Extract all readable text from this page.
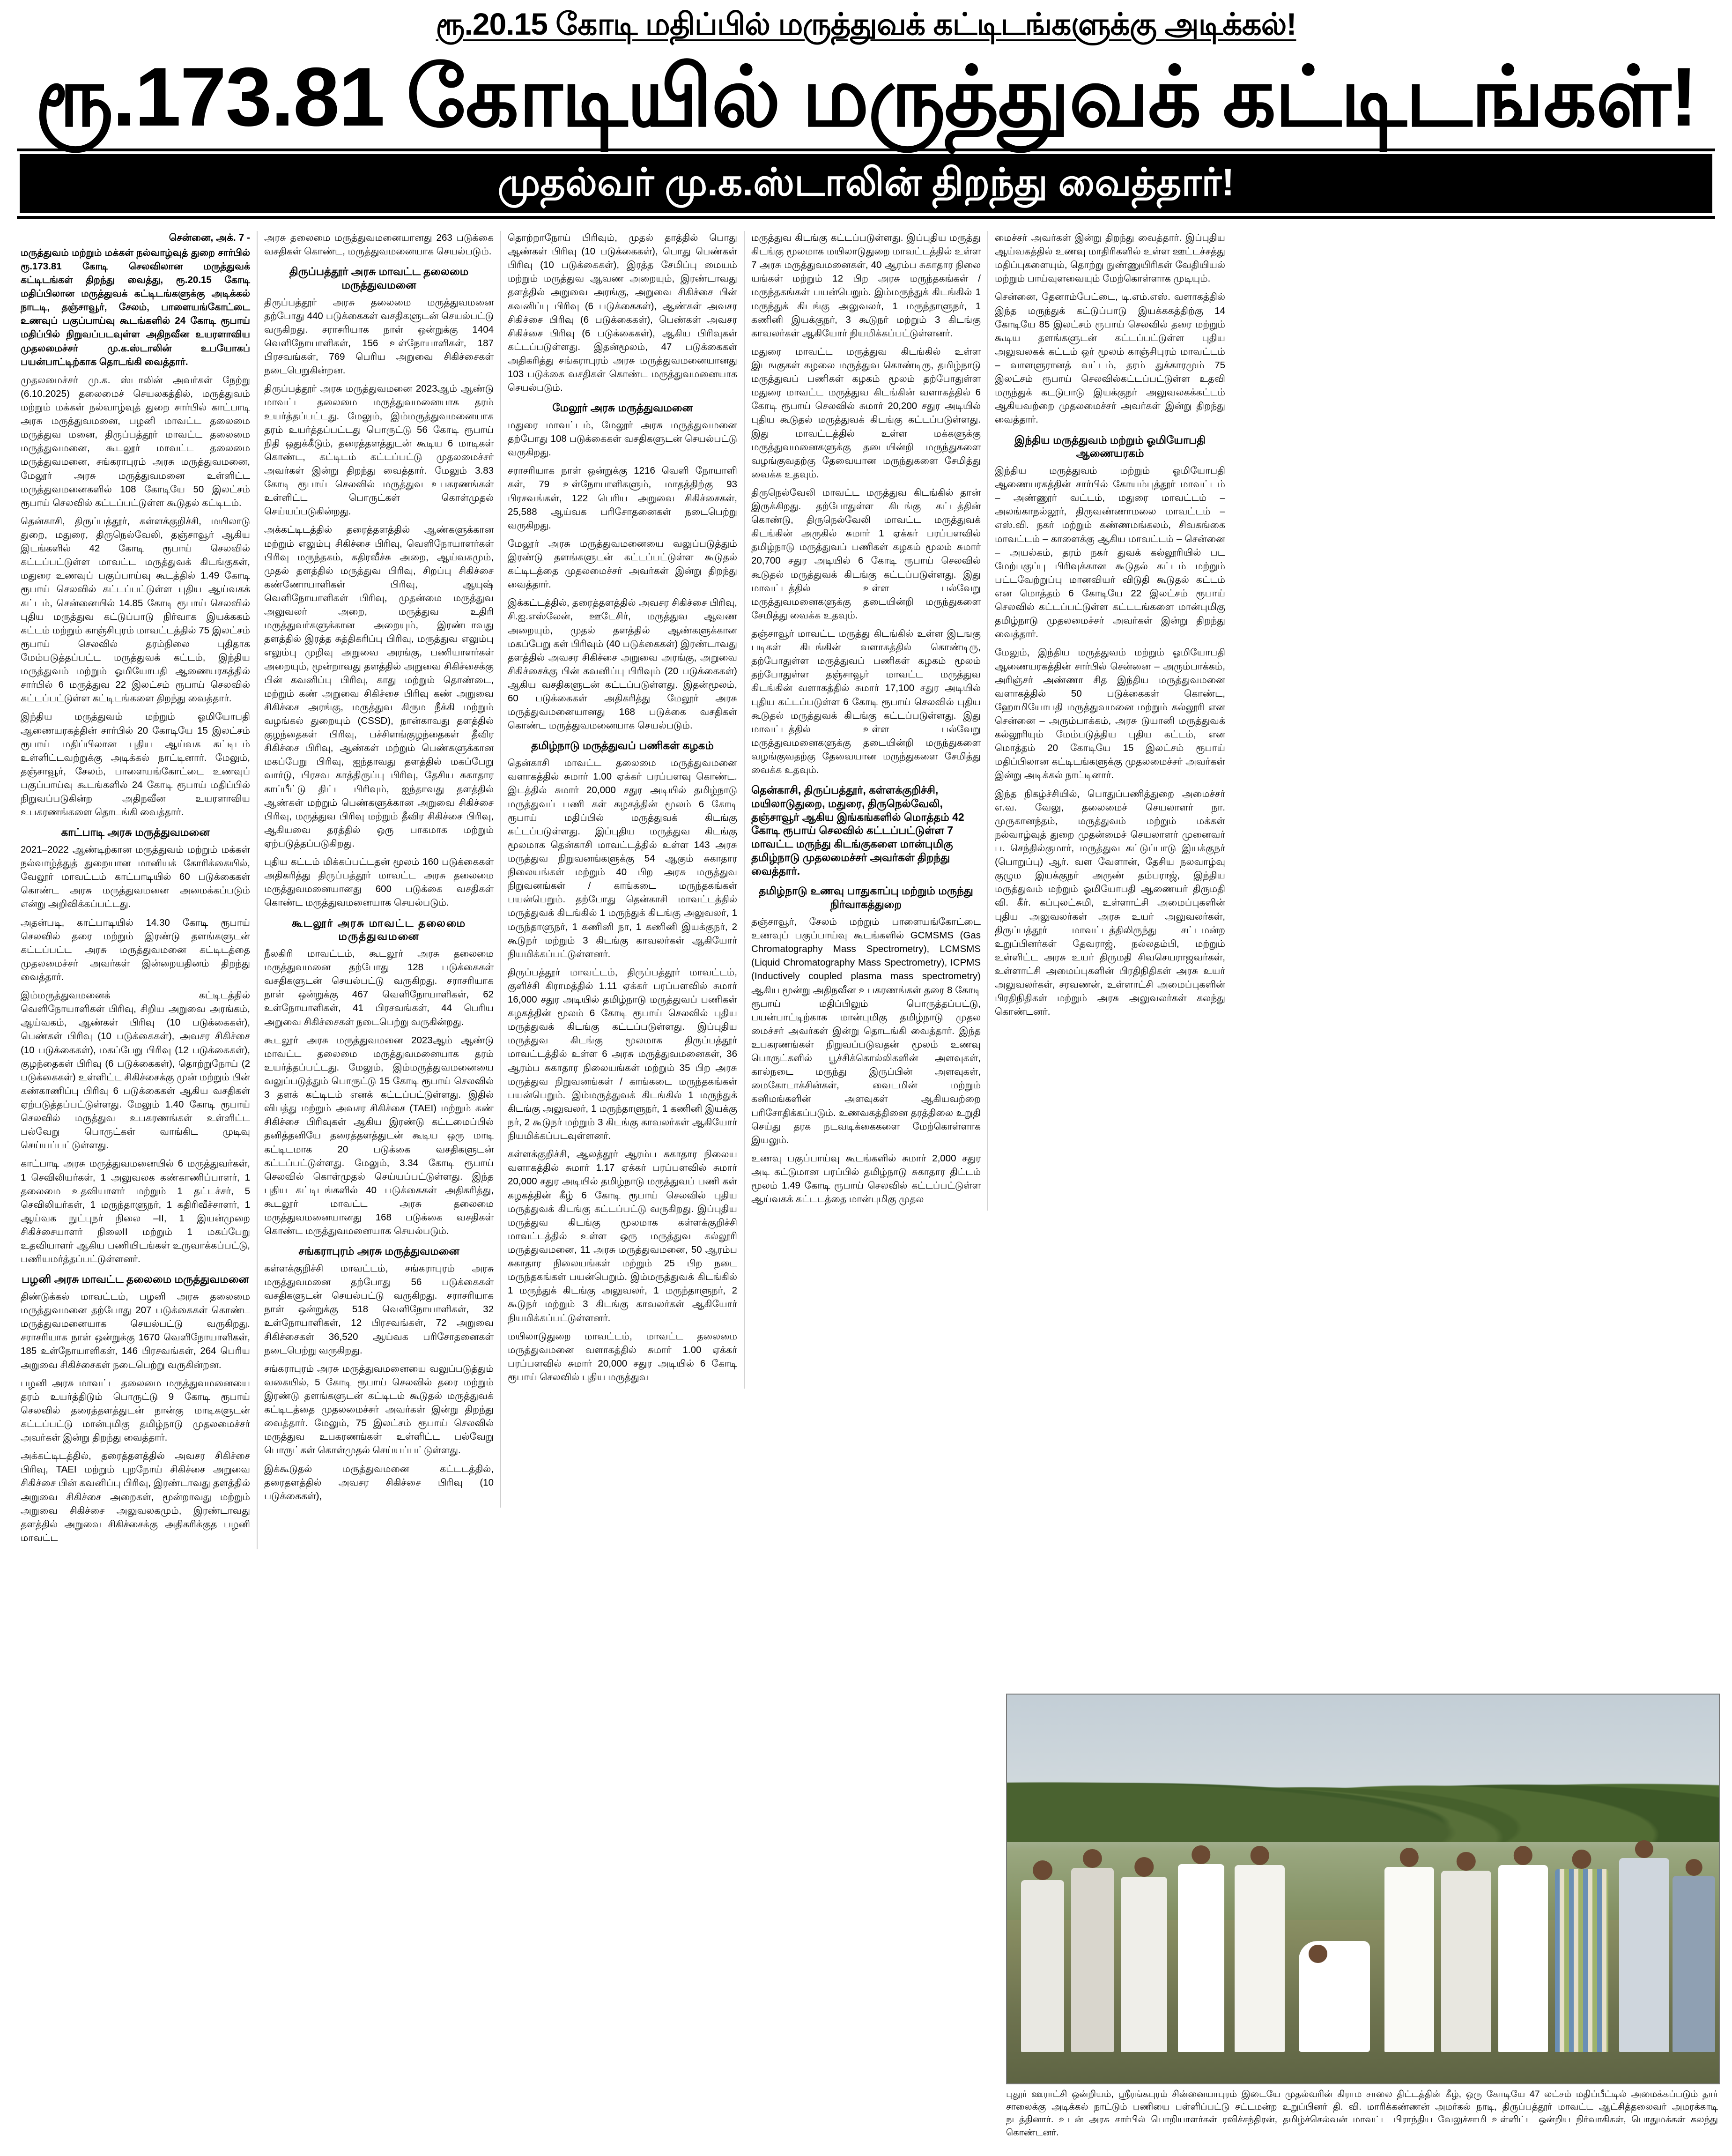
ரூ.20.15 கோடி மதிப்பில் மருத்துவக் கட்டிடங்களுக்கு அடிக்கல்!
ரூ.173.81 கோடியில் மருத்துவக் கட்டிடங்கள்!
முதல்வர் மு.க.ஸ்டாலின் திறந்து வைத்தார்!
சென்னை, அக். 7 -

மருத்துவம் மற்றும் மக்கள் நல்வாழ்வுத் துறை சார்பில் ரூ.173.81 கோடி செலவிலான மருத்துவக் கட்டிடங்கள் திறந்து வைத்து, ரூ.20.15 கோடி மதிப்பிலான மருத்துவக் கட்டிடங்களுக்கு அடிக்கல் நாடடி, தஞ்சாவூர், சேலம், பாளையங்கோட்டை உணவுப் பகுப்பாய்வு கூடங்களில் 24 கோடி ரூபாய் மதிப்பில் நிறுவப்படவுள்ள அதிநவீன உயரளாவிய முதலமைச்சர் மு.க.ஸ்டாலின் உபயோகப் பயன்பாட்டிற்காக தொடங்கி வைத்தார்.

முதலமைச்சர் மு.க. ஸ்டாலின் அவர்கள் நேற்று (6.10.2025) தலைமைச் செயலகத்தில், மருத்துவம் மற்றும் மக்கள் நல்வாழ்வுத் துறை சார்பில் காட்பாடி அரசு மருத்துவமனை, பழனி மாவட்ட தலைமை மருத்துவ மனை, திருப்பத்தூர் மாவட்ட தலைமை மருத்துவமனை, கூடலூர் மாவட்ட தலைமை மருத்துவமனை, சங்கராபுரம் அரசு மருத்துவமனை, மேலூர் அரசு மருத்துவமனை உள்ளிட்ட மருத்துவமனைகளில் 108 கோடியே 50 இலட்சம் ரூபாய் செலவில் கட்டப்பட்டுள்ள கூடுதல் கட்டிடம்.

தென்காசி, திருப்பத்தூர், கள்ளக்குறிச்சி, மயிலாடு துறை, மதுரை, திருநெல்வேலி, தஞ்சாவூர் ஆகிய இடங்களில் 42 கோடி ரூபாய் செலவில் கட்டப்பட்டுள்ள மாவட்ட மருத்துவக் கிடங்குகள், மதுரை உணவுப் பகுப்பாய்வு கூடத்தில் 1.49 கோடி ரூபாய் செலவில் கட்டப்பட்டுள்ள புதிய ஆய்வகக் கட்டம், சென்னையில் 14.85 கோடி ரூபாய் செலவில் புதிய மருத்துவ கட்டுப்பாடு நிர்வாக இயக்ககம் கட்டம் மற்றும் காஞ்சிபுரம் மாவட்டத்தில் 75 இலட்சம் ரூபாய் செலவில் தரம்நிலை புதிதாக மேம்படுத்தப்பட்ட மருத்துவக் கட்டம், இந்திய மருத்துவம் மற்றும் ஓமியோபதி ஆணையரகத்தில் சார்பில் 6 மருத்துவ 22 இலட்சம் ரூபாய் செலவில் கட்டப்பட்டுள்ள கட்டிடங்களை திறந்து வைத்தார்.

இந்திய மருத்துவம் மற்றும் ஓமியோபதி ஆணையரகத்தின் சார்பில் 20 கோடியே 15 இலட்சம் ரூபாய் மதிப்பிலான புதிய ஆய்வக கட்டிடம் உள்ளிட்டவற்றுக்கு அடிக்கல் நாட்டினார். மேலும், தஞ்சாவூர், சேலம், பாளையங்கோட்டை உணவுப் பகுப்பாய்வு கூடங்களில் 24 கோடி ரூபாய் மதிப்பில் நிறுவப்படுகின்ற அதிநவீன உயரளாவிய உபகரணங்களை தொடங்கி வைத்தார்.

காட்பாடி அரசு மருத்துவமனை

2021–2022 ஆண்டிற்கான மருத்துவம் மற்றும் மக்கள் நல்வாழ்த்துத் துறையான மானியக் கோரிக்கையில், வேலூர் மாவட்டம் காட்பாடியில் 60 படுக்கைகள் கொண்ட அரசு மருத்துவமனை அமைக்கப்படும் என்று அறிவிக்கப்பட்டது.

அதன்படி, காட்பாடியில் 14.30 கோடி ரூபாய் செலவில் தரை மற்றும் இரண்டு தளங்களுடன் கட்டப்பட்ட அரசு மருத்துவமனை கட்டிடத்தை முதலமைச்சர் அவர்கள் இன்றையதினம் திறந்து வைத்தார்.

இம்மருத்துவமனைக் கட்டிடத்தில் வெளிநோயாளிகள் பிரிவு, சிறிய அறுவை அரங்கம், ஆய்வகம், ஆண்கள் பிரிவு (10 படுக்கைகள்), பெண்கள் பிரிவு (10 படுக்கைகள்), அவசர சிகிச்சை (10 படுக்கைகள்), மகப்பேறு பிரிவு (12 படுக்கைகள்), குழந்தைகள் பிரிவு (6 படுக்கைகள்), தொற்றுநோய் (2 படுக்கைகள்) உள்ளிட்ட சிகிச்சைக்கு முன் மற்றும் பின் கண்காணிப்பு பிரிவு 6 படுக்கைகள் ஆகிய வசதிகள் ஏற்படுத்தப்பட்டுள்ளது. மேலும் 1.40 கோடி ரூபாய் செலவில் மருத்துவ உபகரணங்கள் உள்ளிட்ட பல்வேறு பொருட்கள் வாங்கிட முடிவு செய்யப்பட்டுள்ளது.

காட்பாடி அரசு மருத்துவமனையில் 6 மருத்துவர்கள், 1 செவிலியர்கள், 1 அலுவலக கண்காணிப்பாளர், 1 தலைமை உதவியாளர் மற்றும் 1 தட்டச்சர், 5 செவிலியர்கள், 1 மருந்தாளுநர், 1 கதிரிவீச்சாளர், 1 ஆய்வக நுட்புநர் நிலை –II, 1 இயன்முறை சிகிச்சையாளர் நிலைII மற்றும் 1 மகப்பேறு உதவியாளர் ஆகிய பணியிடங்கள் உருவாக்கப்பட்டு, பணியமர்த்தப்பட்டுள்ளனர்.

பழனி அரசு மாவட்ட தலைமை மருத்துவமனை

திண்டுக்கல் மாவட்டம், பழனி அரசு தலைமை மருத்துவமனை தற்போது 207 படுக்கைகள் கொண்ட மருத்துவமனையாக செயல்பட்டு வருகிறது. சராசரியாக நாள் ஒன்றுக்கு 1670 வெளிநோயாளிகள், 185 உள்நோயாளிகள், 146 பிரசவங்கள், 264 பெரிய அறுவை சிகிச்சைகள் நடைபெற்று வருகின்றன.

பழனி அரசு மாவட்ட தலைமை மருத்துவமனையை தரம் உயர்த்திடும் பொருட்டு 9 கோடி ரூபாய் செலவில் தரைத்தளத்துடன் நான்கு மாடிகளுடன் கட்டப்பட்டு மான்புமிகு தமிழ்நாடு முதலமைச்சர் அவர்கள் இன்று திறந்து வைத்தார்.

அக்கட்டிடத்தில், தரைத்தளத்தில் அவசர சிகிச்சை பிரிவு, TAEI மற்றும் புறநோய் சிகிச்சை அறுவை சிகிச்சை பின் கவனிப்பு பிரிவு, இரண்டாவது தளத்தில் அறுவை சிகிச்சை அறைகள், மூன்றாவது மற்றும் அறுவை சிகிச்சை அலுவலகமும், இரண்டாவது தளத்தில் அறுவை சிகிச்சைக்கு அதிகரிக்குத பழனி மாவட்ட

அரசு தலைமை மருத்துவமனையானது 263 படுக்கை வசதிகள் கொண்ட, மருத்துவமனையாக செயல்படும்.

திருப்பத்தூர் அரசு மாவட்ட தலைமை மருத்துவமனை

திருப்பத்தூர் அரசு தலைமை மருத்துவமனை தற்போது 440 படுக்கைகள் வசதிகளுடன் செயல்பட்டு வருகிறது. சராசரியாக நாள் ஒன்றுக்கு 1404 வெளிநோயாளிகள், 156 உள்நோயாளிகள், 187 பிரசவங்கள், 769 பெரிய அறுவை சிகிச்சைகள் நடைபெறுகின்றன.

திருப்பத்தூர் அரசு மருத்துவமனை 2023ஆம் ஆண்டு மாவட்ட தலைமை மருத்துவமனையாக தரம் உயர்த்தப்பட்டது. மேலும், இம்மருத்துவமனையாக தரம் உயர்த்தப்பட்டது பொருட்டு 56 கோடி ரூபாய் நிதி ஒதுக்கீடும், தரைத்தளத்துடன் கூடிய 6 மாடிகள் கொண்ட, கட்டிடம் கட்டப்பட்டு முதலமைச்சர் அவர்கள் இன்று திறந்து வைத்தார். மேலும் 3.83 கோடி ரூபாய் செலவில் மருத்துவ உபகரணங்கள் உள்ளிட்ட பொருட்கள் கொள்முதல் செய்யப்படுகின்றது.

அக்கட்டிடத்தில் தரைத்தளத்தில் ஆண்களுக்கான மற்றும் எலும்பு சிகிச்சை பிரிவு, வெளிநோயாளர்கள் பிரிவு மருந்தகம், கதிரவீச்சு அறை, ஆய்வகமும், முதல் தளத்தில் மருத்துவ பிரிவு, சிறப்பு சிகிச்சை கண்ணோயாளிகள் பிரிவு, ஆயுஷ் வெளிநோயாளிகள் பிரிவு, முதன்மை மருத்துவ அலுவலர் அறை, மருத்துவ உதிரி மருத்துவர்களுக்கான அறையும், இரண்டாவது தளத்தில் இரத்த சுத்திகரிப்பு பிரிவு, மருத்துவ எலும்பு எலும்பு முறிவு அறுவை அரங்கு, பணியாளர்கள் அறையும், மூன்றாவது தளத்தில் அறுவை சிகிச்சைக்கு பின் கவனிப்பு பிரிவு, காது மற்றும் தொண்டை, மற்றும் கண் அறுவை சிகிச்சை பிரிவு கண் அறுவை சிகிச்சை அரங்கு, மருத்துவ கிரும நீக்கி மற்றும் வழங்கல் துறையும் (CSSD), நான்காவது தளத்தில் குழந்தைகள் பிரிவு, பச்சிளங்குழந்தைகள் தீவிர சிகிச்சை பிரிவு, ஆண்கள் மற்றும் பெண்களுக்கான மகப்பேறு பிரிவு, ஐந்தாவது தளத்தில் மகப்பேறு வார்டு, பிரசவ காத்திருப்பு பிரிவு, தேசிய சுகாதார காப்பீட்டு திட்ட பிரிவும், ஐந்தாவது தளத்தில் ஆண்கள் மற்றும் பெண்களுக்கான அறுவை சிகிச்சை பிரிவு, மருத்துவ பிரிவு மற்றும் தீவிர சிகிச்சை பிரிவு, ஆகியவை தரத்தில் ஒரு பாகமாக மற்றும் ஏற்படுத்தப்படுகிறது.

புதிய கட்டம் மிக்கப்பட்டதன் மூலம் 160 படுக்கைகள் அதிகரித்து திருப்பத்தூர் மாவட்ட அரசு தலைமை மருத்துவமனையானது 600 படுக்கை வசதிகள் கொண்ட மருத்துவமனையாக செயல்படும்.

கூடலூர் அரசு மாவட்ட தலைமை மருத்துவமனை

நீலகிரி மாவட்டம், கூடலூர் அரசு தலைமை மருத்துவமனை தற்போது 128 படுக்கைகள் வசதிகளுடன் செயல்பட்டு வருகிறது. சராசரியாக நாள் ஒன்றுக்கு 467 வெளிநோயாளிகள், 62 உள்நோயாளிகள், 41 பிரசவங்கள், 44 பெரிய அறுவை சிகிச்சைகள் நடைபெற்று வருகின்றது.

கூடலூர் அரசு மருத்துவமனை 2023ஆம் ஆண்டு மாவட்ட தலைமை மருத்துவமனையாக தரம் உயர்த்தப்பட்டது. மேலும், இம்மருத்துவமனையை வலுப்படுத்தும் பொருட்டு 15 கோடி ரூபாய் செலவில் 3 தளக் கட்டிடம் எனக் கட்டப்பட்டுள்ளது. இதில் விபத்து மற்றும் அவசர சிகிச்சை (TAEI) மற்றும் கண் சிகிச்சை பிரிவுகள் ஆகிய இரண்டு கட்டமைப்பில் தனித்தனியே தரைத்தளத்துடன் கூடிய ஒரு மாடி கட்டிடமாக 20 படுக்கை வசதிகளுடன் கட்டப்பட்டுள்ளது. மேலும், 3.34 கோடி ரூபாய் செலவில் கொள்முதல் செய்யப்பட்டுள்ளது. இந்த புதிய கட்டிடங்களில் 40 படுக்கைகள் அதிகரித்து, கூடலூர் மாவட்ட அரசு தலைமை மருத்துவமனையானது 168 படுக்கை வசதிகள் கொண்ட மருத்துவமனையாக செயல்படும்.

சங்கராபுரம் அரசு மருத்துவமனை

கள்ளக்குறிச்சி மாவட்டம், சங்கராபுரம் அரசு மருத்துவமனை தற்போது 56 படுக்கைகள் வசதிகளுடன் செயல்பட்டு வருகிறது. சராசரியாக நாள் ஒன்றுக்கு 518 வெளிநோயாளிகள், 32 உள்நோயாளிகள், 12 பிரசவங்கள், 72 அறுவை சிகிச்சைகள் 36,520 ஆய்வக பரிசோதனைகள் நடைபெற்று வருகிறது.

சங்கராபுரம் அரசு மருத்துவமனையை வலுப்படுத்தும் வகையில், 5 கோடி ரூபாய் செலவில் தரை மற்றும் இரண்டு தளங்களுடன் கட்டிடம் கூடுதல் மருத்துவக் கட்டிடத்தை முதலமைச்சர் அவர்கள் இன்று திறந்து வைத்தார். மேலும், 75 இலட்சம் ரூபாய் செலவில் மருத்துவ உபகரணங்கள் உள்ளிட்ட பல்வேறு பொருட்கள் கொள்முதல் செய்யப்பட்டுள்ளது.

இக்கூடுதல் மருத்துவமனை கட்டடத்தில், தரைதளத்தில் அவசர சிகிச்சை பிரிவு (10 படுக்கைகள்),

தொற்றாநோய் பிரிவும், முதல் தாத்தில் பொது ஆண்கள் பிரிவு (10 படுக்கைகள்), பொது பெண்கள் பிரிவு (10 படுக்கைகள்), இரத்த சேமிப்பு மையம் மற்றும் மருத்துவ ஆவண அறையும், இரண்டாவது தளத்தில் அறுவை அரங்கு, அறுவை சிகிச்சை பின் கவனிப்பு பிரிவு (6 படுக்கைகள்), ஆண்கள் அவசர சிகிச்சை பிரிவு (6 படுக்கைகள்), பெண்கள் அவசர சிகிச்சை பிரிவு (6 படுக்கைகள்), ஆகிய பிரிவுகள் கட்டப்படுள்ளது. இதன்மூலம், 47 படுக்கைகள் அதிகரித்து சங்கராபுரம் அரசு மருத்துவமனையானது 103 படுக்கை வசதிகள் கொண்ட மருத்துவமனையாக செயல்படும்.

மேலூர் அரசு மருத்துவமனை

மதுரை மாவட்டம், மேலூர் அரசு மருத்துவமனை தற்போது 108 படுக்கைகள் வசதிகளுடன் செயல்பட்டு வருகிறது.

சராசரியாக நாள் ஒன்றுக்கு 1216 வெளி நோயாளி கள், 79 உள்நோயாளிகளும், மாதத்திற்கு 93 பிரசவங்கள், 122 பெரிய அறுவை சிகிச்சைகள், 25,588 ஆய்வக பரிசோதனைகள் நடைபெற்று வருகிறது.

மேலூர் அரசு மருத்துவமனையை வலுப்படுத்தும் இரண்டு தளங்களுடன் கட்டப்பட்டுள்ள கூடுதல் கட்டிடத்தை முதலமைச்சர் அவர்கள் இன்று திறந்து வைத்தார்.

இக்கட்டத்தில், தரைத்தளத்தில் அவசர சிகிச்சை பிரிவு, சி.ஐ.எஸ்லேன், ஊடேசிர், மருத்துவ ஆவண அறையும், முதல் தளத்தில் ஆண்களுக்கான மகப்பேறு கள் பிரிவும் (40 படுக்கைகள்) இரண்டாவது தளத்தில் அவசர சிகிச்சை அறுவை அரங்கு, அறுவை சிகிச்சைக்கு பின் கவனிப்பு பிரிவும் (20 படுக்கைகள்) ஆகிய வசதிகளுடன் கட்டப்படுள்ளது. இதன்மூலம், 60 படுக்கைகள் அதிகரித்து மேலூர் அரசு மருத்துவமனையானது 168 படுக்கை வசதிகள் கொண்ட மருத்துவமனையாக செயல்படும்.

தமிழ்நாடு மருத்துவப் பணிகள் கழகம்

தென்காசி மாவட்ட தலைமை மருத்துவமனை வளாகத்தில் சுமார் 1.00 ஏக்கர் பரப்பளவு கொண்ட. இடத்தில் சுமார் 20,000 சதுர அடியில் தமிழ்நாடு மருத்துவப் பணி கள் கழகத்தின் மூலம் 6 கோடி ரூபாய் மதிப்பில் மருத்துவக் கிடங்கு கட்டப்படுள்ளது. இப்புதிய மருத்துவ கிடங்கு மூலமாக தென்காசி மாவட்டத்தில் உள்ள 143 அரசு மருத்துவ நிறுவனங்களுக்கு 54 ஆகும் சுகாதார நிலையங்கள் மற்றும் 40 பிற அரசு மருத்துவ நிறுவனங்கள் / காங்கடை மருந்தகங்கள் பயன்பெறும். தற்போது தென்காசி மாவட்டத்தில் மருத்துவக் கிடங்கில் 1 மருந்துக் கிடங்கு அலுவலர், 1 மருந்தாளுநர், 1 கணினி நா, 1 கணினி இயக்குநர், 2 கூடுநர் மற்றும் 3 கிடங்கு காவலர்கள் ஆகியோர் நியமிக்கப்பட்டுள்ளனர்.

திருப்பத்தூர் மாவட்டம், திருப்பத்தூர் மாவட்டம், குளிச்சி கிராமத்தில் 1.11 ஏக்கர் பரப்பளவில் சுமார் 16,000 சதுர அடியில் தமிழ்நாடு மருத்துவப் பணிகள் கழகத்தின் மூலம் 6 கோடி ரூபாய் செலவில் புதிய மருத்துவக் கிடங்கு கட்டப்படுள்ளது. இப்புதிய மருத்துவ கிடங்கு மூலமாக திருப்பத்தூர் மாவட்டத்தில் உள்ள 6 அரசு மருத்துவமனைகள், 36 ஆரம்ப சுகாதார நிலையங்கள் மற்றும் 35 பிற அரசு மருத்துவ நிறுவனங்கள் / காங்கடை மருந்தகங்கள் பயன்பெறும். இம்மருத்துவக் கிடங்கில் 1 மருந்துக் கிடங்கு அலுவலர், 1 மருந்தாளுநர், 1 கணினி இயக்கு நர், 2 கூடுநர் மற்றும் 3 கிடங்கு காவலர்கள் ஆகியோர் நியமிக்கப்படவுள்ளனர்.

கள்ளக்குறிச்சி, ஆலத்தூர் ஆரம்ப சுகாதார நிலைய வளாகத்தில் சுமார் 1.17 ஏக்கர் பரப்பளவில் சுமார் 20,000 சதுர அடியில் தமிழ்நாடு மருத்துவப் பணி கள் கழகத்தின் கீழ் 6 கோடி ரூபாய் செலவில் புதிய மருத்துவக் கிடங்கு கட்டப்பட்டு வருகிறது. இப்புதிய மருத்துவ கிடங்கு மூலமாக கள்ளக்குறிச்சி மாவட்டத்தில் உள்ள ஒரு மருத்துவ கல்லூரி மருத்துவமனை, 11 அரசு மருத்துவமனை, 50 ஆரம்ப சுகாதார நிலையங்கள் மற்றும் 25 பிற நடை மருந்தகங்கள் பயன்பெறும். இம்மருத்துவக் கிடங்கில் 1 மருந்துக் கிடங்கு அலுவலர், 1 மருந்தாளுநர், 2 கூடுநர் மற்றும் 3 கிடங்கு காவலர்கள் ஆகியோர் நியமிக்கப்பட்டுள்ளனர்.

மயிலாடுதுறை மாவட்டம், மாவட்ட தலைமை மருத்துவமனை வளாகத்தில் சுமார் 1.00 ஏக்கர் பரப்பளவில் சுமார் 20,000 சதுர அடியில் 6 கோடி ரூபாய் செலவில் புதிய மருத்துவ

மருத்துவ கிடங்கு கட்டப்படுள்ளது. இப்புதிய மருத்து கிடங்கு மூலமாக மயிலாடுதுறை மாவட்டத்தில் உள்ள 7 அரசு மருத்துவமனைகள், 40 ஆரம்ப சுகாதார நிலை யங்கள் மற்றும் 12 பிற அரசு மருந்தகங்கள் / மருந்தகங்கள் பயன்பெறும். இம்மருந்துக் கிடங்கில் 1 மருந்துக் கிடங்கு அலுவலர், 1 மருந்தாளுநர், 1 கணினி இயக்குநர், 3 கூடுநர் மற்றும் 3 கிடங்கு காவலர்கள் ஆகியோர் நியமிக்கப்பட்டுள்ளனர்.

மதுரை மாவட்ட மருத்துவ கிடங்கில் உள்ள இடஙகுகள் கழலை மருத்துவ கொண்டிரு, தமிழ்நாடு மருத்துவப் பணிகள் கழகம் மூலம் தற்போதுள்ள மதுரை மாவட்ட மருத்துவ கிடங்கின் வளாகத்தில் 6 கோடி ரூபாய் செலவில் சுமார் 20,200 சதுர அடியில் புதிய கூடுதல் மருத்துவக் கிடங்கு கட்டப்படுள்ளது. இது மாவட்டத்தில் உள்ள மக்களுக்கு மருத்துவமனைகளுக்கு தடையின்றி மருந்துகளை வழங்குவதற்கு தேவையான மருந்துகளை சேமித்து வைக்க உதவும்.

திருநெல்வேலி மாவட்ட மருத்துவ கிடங்கில் தான் இருக்கிறது. தற்போதுள்ள கிடங்கு கட்டத்தின் கொண்டு, திருநெல்வேலி மாவட்ட மருத்துவக் கிடங்கின் அருகில் சுமார் 1 ஏக்கர் பரப்பளவில் தமிழ்நாடு மருத்துவப் பணிகள் கழகம் மூலம் சுமார் 20,700 சதுர அடியில் 6 கோடி ரூபாய் செலவில் கூடுதல் மருத்துவக் கிடங்கு கட்டப்படுள்ளது. இது மாவட்டத்தில் உள்ள பல்வேறு மருத்துவமனைகளுக்கு தடையின்றி மருந்துகளை சேமித்து வைக்க உதவும்.

தஞ்சாவூர் மாவட்ட மருத்து கிடங்கில் உள்ள இடஙகு படிகள் கிடங்கின் வளாகத்தில் கொண்டிரு, தற்போதுள்ள மருத்துவப் பணிகள் கழகம் மூலம் தற்போதுள்ள தஞ்சாவூர் மாவட்ட மருத்துவ கிடங்கின் வளாகத்தில் சுமார் 17,100 சதுர அடியில் புதிய கட்டப்படுள்ள 6 கோடி ரூபாய் செலவில் புதிய கூடுதல் மருத்துவக் கிடங்கு கட்டப்படுள்ளது. இது மாவட்டத்தில் உள்ள பல்வேறு மருத்துவமனைகளுக்கு தடையின்றி மருந்துகளை வழங்குவதற்கு தேவையான மருந்துகளை சேமித்து வைக்க உதவும்.

தென்காசி, திருப்பத்தூர், கள்ளக்குறிச்சி, மயிலாடுதுறை, மதுரை, திருநெல்வேலி, தஞ்சாவூர் ஆகிய இங்கங்களில் மொத்தம் 42 கோடி ரூபாய் செலவில் கட்டப்பட்டுள்ள 7 மாவட்ட மருந்து கிடங்குகளை மான்புமிகு தமிழ்நாடு முதலமைச்சர் அவர்கள் திறந்து வைத்தார்.
தமிழ்நாடு உணவு பாதுகாப்பு மற்றும் மருந்து நிர்வாகத்துறை

தஞ்சாவூர், சேலம் மற்றும் பாளையங்கோட்டை உணவுப் பகுப்பாய்வு கூடங்களில் GCMSMS (Gas Chromatography Mass Spectrometry), LCMSMS (Liquid Chromatography Mass Spectrometry), ICPMS (Inductively coupled plasma mass spectrometry) ஆகிய மூன்று அதிநவீன உபகரணங்கள் தரை 8 கோடி ரூபாய் மதிப்பிலும் பொருத்தப்பட்டு, பயன்பாட்டிற்காக மான்புமிகு தமிழ்நாடு முதல மைச்சர் அவர்கள் இன்று தொடங்கி வைத்தார். இந்த உபகரணங்கள் நிறுவப்படுவதன் மூலம் உணவு பொருட்களில் பூச்சிக்கொல்லிகளின் அளவுகள், கால்நடை மருந்து இருப்பின் அளவுகள், மைகோடாக்சின்கள், வைடமின் மற்றும் கனிமங்களின் அளவுகள் ஆகியவற்றை பரிசோதிக்கப்படும். உணவகத்தினை தரத்திலை உறுதி செய்து தரக நடவடிக்கைகளை மேற்கொள்ளாக இயலும்.

உணவு பகுப்பாய்வு கூடங்களில் சுமார் 2,000 சதுர அடி கட்டுமான பரப்பில் தமிழ்நாடு சுகாதார திட்டம் மூலம் 1.49 கோடி ரூபாய் செலவில் கட்டப்பட்டுள்ள ஆய்வகக் கட்டடத்தை மான்புமிகு முதல

மைச்சர் அவர்கள் இன்று திறந்து வைத்தார். இப்புதிய ஆய்வகத்தில் உணவு மாதிரிகளில் உள்ள ஊட்டச்சத்து மதிப்புகளையும், தொற்று நுண்ணுயிரிகள் வேதியியல் மற்றும் பாய்வுளவையும் மேற்கொள்ளாக முடியும்.

சென்னை, தேனாம்பேட்டை, டி.எம்.எஸ். வளாகத்தில் இந்த மருந்துக் கட்டுப்பாடு இயக்ககத்திற்கு 14 கோடியே 85 இலட்சம் ரூபாய் செலவில் தரை மற்றும் கூடிய தளங்களுடன் கட்டப்பட்டுள்ள புதிய அலுவலகக் கட்டம் ஒர் மூலம் காஞ்சிபுரம் மாவட்டம் – வாளளுரானத் வட்டம், தரம் துக்காரமும் 75 இலட்சம் ரூபாய் செலவில்கட்டப்பட்டுள்ள உதவி மருந்துக் கடடுபாடு இயக்குநர் அலுவலகக்கட்டம் ஆகியவற்றை முதலமைச்சர் அவர்கள் இன்று திறந்து வைத்தார்.

இந்திய மருத்துவம் மற்றும் ஓமியோபதி ஆணையரகம்

இந்திய மருத்துவம் மற்றும் ஓமியோபதி ஆணையரகத்தின் சார்பில் கோயம்புத்தூர் மாவட்டம் – அண்ணூர் வட்டம், மதுரை மாவட்டம் – அலங்காநல்லூர், திருவண்ணாமலை மாவட்டம் – எஸ்.வி. நகர் மற்றும் கண்ணமங்கலம், சிவகங்கை மாவட்டம் – காளைக்கு ஆகிய மாவட்டம் – சென்னை – அயல்கம், தரம் நகர் துவக் கல்லூரியில் பட மேற்பகுப்பு பிரிவுக்கான கூடுதல் கட்டம் மற்றும் பட்டவேற்றுப்பு மானவியர் விடுதி கூடுதல் கட்டம் என மொத்தம் 6 கோடியே 22 இலட்சம் ரூபாய் செலவில் கட்டப்பட்டுள்ள கட்டடங்களை மான்புமிகு தமிழ்நாடு முதலமைச்சர் அவர்கள் இன்று திறந்து வைத்தார்.

மேலும், இந்திய மருத்துவம் மற்றும் ஓமியோபதி ஆணையரகத்தின் சார்பில் சென்னை – அரும்பாக்கம், அரிஞ்சர் அண்ணா சித இந்திய மருத்துவமனை வளாகத்தில் 50 படுக்கைகள் கொண்ட, ஹோமியோபதி மருத்துவமனை மற்றும் கல்லூரி என சென்னை – அரும்பாக்கம், அரசு டுயானி மருத்துவக் கல்லூரியும் மேம்படுத்திய புதிய கட்டம், என மொத்தம் 20 கோடியே 15 இலட்சம் ரூபாய் மதிப்பிலான கட்டிடங்களுக்கு முதலமைச்சர் அவர்கள் இன்று அடிக்கல் நாட்டினார்.

இந்த நிகழ்ச்சியில், பொதுப்பணித்துறை அமைச்சர் எ.வ. வேலு, தலைமைச் செயலாளர் நா. முருகானந்தம், மருத்துவம் மற்றும் மக்கள் நல்வாழ்வுத் துறை முதன்மைச் செயலாளர் முனைவர் ப. செந்தில்குமார், மருத்துவ கட்டுப்பாடு இயக்குநர் (பொறுப்பு) ஆர். வள வேளான், தேசிய நலவாழ்வு குழும இயக்குநர் அருண் தம்பராஜ், இந்திய மருத்துவம் மற்றும் ஓமியோபதி ஆணையர் திருமதி வி. கீர். கப்புலட்சுமி, உள்ளாட்சி அமைப்புகளின் புதிய அலுவலர்கள் அரசு உயர் அலுவலர்கள், திருப்பத்தூர் மாவட்டத்திலிருந்து சட்டமன்ற உறுப்பினர்கள் தேவராஜ், நல்லதம்பி, மற்றும் உள்ளிட்ட அரசு உயர் திருமதி சிவசெயராஜவர்கள், உள்ளாட்சி அமைப்புகளின் பிரதிநிதிகள் அரசு உயர் அலுவலர்கள், சரவணன், உள்ளாட்சி அமைப்புகளின் பிரதிநிதிகள் மற்றும் அரசு அலுவலர்கள் கலந்து கொண்டனர்.

புதூர் ஊராட்சி ஒன்றியம், ஸ்ரீரங்கபுரம் சின்னையாபுரம் இடையே முதல்வரின் கிராம சாலை திட்டத்தின் கீழ், ஒரு கோடியே 47 லட்சம் மதிப்பீட்டில் அமைக்கப்படும் தார் சாலைக்கு அடிக்கல் நாட்டும் பணியை பள்ளிப்பட்டு சட்டமன்ற உறுப்பினர் தி. வி. மாரிக்கண்ணன் அமர்கல் நாடி, திருப்பத்தூர் மாவட்ட ஆட்சித்தலைவர் அமரக்காடி நடத்தினார். உடன் அரசு சார்பில் பொறியாளர்கள் ரவிச்சந்திரன், தமிழ்ச்செல்வன் மாவட்ட பிராந்திய வேலுச்சாமி உள்ளிட்ட ஒன்றிய நிர்வாகிகள், பொதுமக்கள் கலந்து கொண்டனர்.
